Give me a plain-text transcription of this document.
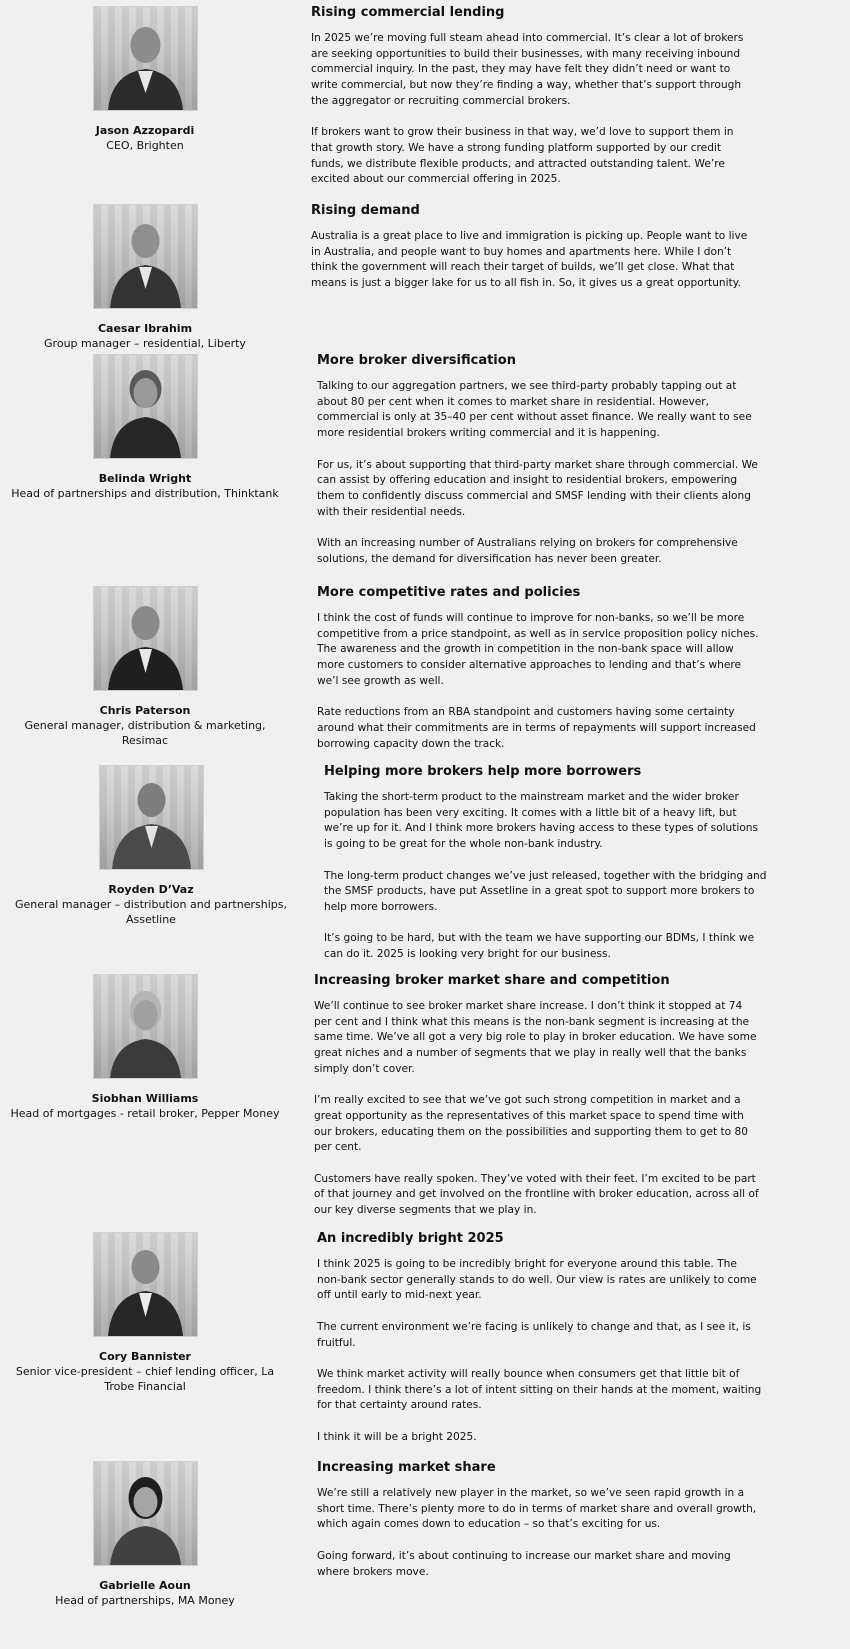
Jason Azzopardi
CEO, Brighten
Rising commercial lending

In 2025 we’re moving full steam ahead into commercial. It’s clear a lot of brokers are seeking opportunities to build their businesses, with many receiving inbound commercial inquiry. In the past, they may have felt they didn’t need or want to write commercial, but now they’re finding a way, whether that’s support through the aggregator or recruiting commercial brokers.

If brokers want to grow their business in that way, we’d love to support them in that growth story. We have a strong funding platform supported by our credit funds, we distribute flexible products, and attracted outstanding talent. We’re excited about our commercial offering in 2025.

Caesar Ibrahim
Group manager – residential, Liberty
Rising demand

Australia is a great place to live and immigration is picking up. People want to live in Australia, and people want to buy homes and apartments here. While I don’t think the government will reach their target of builds, we’ll get close. What that means is just a bigger lake for us to all fish in. So, it gives us a great opportunity.

Belinda Wright
Head of partnerships and distribution, Thinktank
More broker diversification

Talking to our aggregation partners, we see third-party probably tapping out at about 80 per cent when it comes to market share in residential. However, commercial is only at 35–40 per cent without asset finance. We really want to see more residential brokers writing commercial and it is happening.

For us, it’s about supporting that third-party market share through commercial. We can assist by offering education and insight to residential brokers, empowering them to confidently discuss commercial and SMSF lending with their clients along with their residential needs.

With an increasing number of Australians relying on brokers for comprehensive solutions, the demand for diversification has never been greater.

Chris Paterson
General manager, distribution & marketing, Resimac
More competitive rates and policies

I think the cost of funds will continue to improve for non-banks, so we’ll be more competitive from a price standpoint, as well as in service proposition policy niches. The awareness and the growth in competition in the non-bank space will allow more customers to consider alternative approaches to lending and that’s where we’l see growth as well.

Rate reductions from an RBA standpoint and customers having some certainty around what their commitments are in terms of repayments will support increased borrowing capacity down the track.

Royden D’Vaz
General manager – distribution and partnerships, Assetline
Helping more brokers help more borrowers

Taking the short-term product to the mainstream market and the wider broker population has been very exciting. It comes with a little bit of a heavy lift, but we’re up for it. And I think more brokers having access to these types of solutions is going to be great for the whole non-bank industry.

The long-term product changes we’ve just released, together with the bridging and the SMSF products, have put Assetline in a great spot to support more brokers to help more borrowers.

It’s going to be hard, but with the team we have supporting our BDMs, I think we can do it. 2025 is looking very bright for our business.

Siobhan Williams
Head of mortgages - retail broker, Pepper Money
Increasing broker market share and competition

We’ll continue to see broker market share increase. I don’t think it stopped at 74 per cent and I think what this means is the non-bank segment is increasing at the same time. We’ve all got a very big role to play in broker education. We have some great niches and a number of segments that we play in really well that the banks simply don’t cover.

I’m really excited to see that we’ve got such strong competition in market and a great opportunity as the representatives of this market space to spend time with our brokers, educating them on the possibilities and supporting them to get to 80 per cent.

Customers have really spoken. They’ve voted with their feet. I’m excited to be part of that journey and get involved on the frontline with broker education, across all of our key diverse segments that we play in.

Cory Bannister
Senior vice-president – chief lending officer, La Trobe Financial
An incredibly bright 2025

I think 2025 is going to be incredibly bright for everyone around this table. The non-bank sector generally stands to do well. Our view is rates are unlikely to come off until early to mid-next year.

The current environment we’re facing is unlikely to change and that, as I see it, is fruitful.

We think market activity will really bounce when consumers get that little bit of freedom. I think there’s a lot of intent sitting on their hands at the moment, waiting for that certainty around rates.

I think it will be a bright 2025.

Gabrielle Aoun
Head of partnerships, MA Money
Increasing market share

We’re still a relatively new player in the market, so we’ve seen rapid growth in a short time. There’s plenty more to do in terms of market share and overall growth, which again comes down to education – so that’s exciting for us.

Going forward, it’s about continuing to increase our market share and moving where brokers move.
